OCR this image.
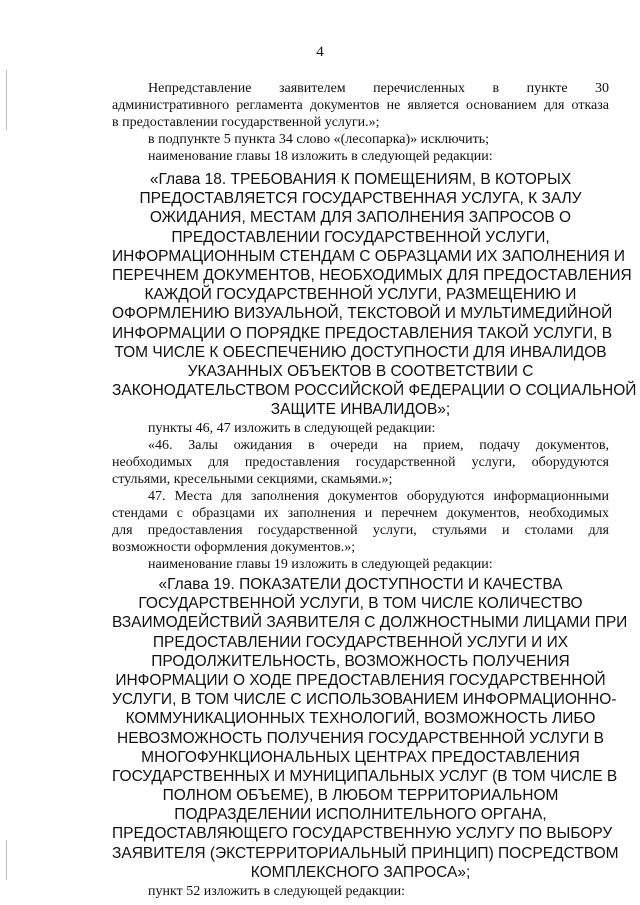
4
Непредставление заявителем перечисленных в пункте 30
административного регламента документов не является основанием для отказа
в предоставлении государственной услуги.»;
в подпункте 5 пункта 34 слово «(лесопарка)» исключить;
наименование главы 18 изложить в следующей редакции:
«Глава 18. ТРЕБОВАНИЯ К ПОМЕЩЕНИЯМ, В КОТОРЫХ
ПРЕДОСТАВЛЯЕТСЯ ГОСУДАРСТВЕННАЯ УСЛУГА, К ЗАЛУ
ОЖИДАНИЯ, МЕСТАМ ДЛЯ ЗАПОЛНЕНИЯ ЗАПРОСОВ О
ПРЕДОСТАВЛЕНИИ ГОСУДАРСТВЕННОЙ УСЛУГИ,
ИНФОРМАЦИОННЫМ СТЕНДАМ С ОБРАЗЦАМИ ИХ ЗАПОЛНЕНИЯ И
ПЕРЕЧНЕМ ДОКУМЕНТОВ, НЕОБХОДИМЫХ ДЛЯ ПРЕДОСТАВЛЕНИЯ
КАЖДОЙ ГОСУДАРСТВЕННОЙ УСЛУГИ, РАЗМЕЩЕНИЮ И
ОФОРМЛЕНИЮ ВИЗУАЛЬНОЙ, ТЕКСТОВОЙ И МУЛЬТИМЕДИЙНОЙ
ИНФОРМАЦИИ О ПОРЯДКЕ ПРЕДОСТАВЛЕНИЯ ТАКОЙ УСЛУГИ, В
ТОМ ЧИСЛЕ К ОБЕСПЕЧЕНИЮ ДОСТУПНОСТИ ДЛЯ ИНВАЛИДОВ
УКАЗАННЫХ ОБЪЕКТОВ В СООТВЕТСТВИИ С
ЗАКОНОДАТЕЛЬСТВОМ РОССИЙСКОЙ ФЕДЕРАЦИИ О СОЦИАЛЬНОЙ
ЗАЩИТЕ ИНВАЛИДОВ»;
пункты 46, 47 изложить в следующей редакции:
«46. Залы ожидания в очереди на прием, подачу документов,
необходимых для предоставления государственной услуги, оборудуются
стульями, кресельными секциями, скамьями.»;
47. Места для заполнения документов оборудуются информационными
стендами с образцами их заполнения и перечнем документов, необходимых
для предоставления государственной услуги, стульями и столами для
возможности оформления документов.»;
наименование главы 19 изложить в следующей редакции:
«Глава 19. ПОКАЗАТЕЛИ ДОСТУПНОСТИ И КАЧЕСТВА
ГОСУДАРСТВЕННОЙ УСЛУГИ, В ТОМ ЧИСЛЕ КОЛИЧЕСТВО
ВЗАИМОДЕЙСТВИЙ ЗАЯВИТЕЛЯ С ДОЛЖНОСТНЫМИ ЛИЦАМИ ПРИ
ПРЕДОСТАВЛЕНИИ ГОСУДАРСТВЕННОЙ УСЛУГИ И ИХ
ПРОДОЛЖИТЕЛЬНОСТЬ, ВОЗМОЖНОСТЬ ПОЛУЧЕНИЯ
ИНФОРМАЦИИ О ХОДЕ ПРЕДОСТАВЛЕНИЯ ГОСУДАРСТВЕННОЙ
УСЛУГИ, В ТОМ ЧИСЛЕ С ИСПОЛЬЗОВАНИЕМ ИНФОРМАЦИОННО-
КОММУНИКАЦИОННЫХ ТЕХНОЛОГИЙ, ВОЗМОЖНОСТЬ ЛИБО
НЕВОЗМОЖНОСТЬ ПОЛУЧЕНИЯ ГОСУДАРСТВЕННОЙ УСЛУГИ В
МНОГОФУНКЦИОНАЛЬНЫХ ЦЕНТРАХ ПРЕДОСТАВЛЕНИЯ
ГОСУДАРСТВЕННЫХ И МУНИЦИПАЛЬНЫХ УСЛУГ (В ТОМ ЧИСЛЕ В
ПОЛНОМ ОБЪЕМЕ), В ЛЮБОМ ТЕРРИТОРИАЛЬНОМ
ПОДРАЗДЕЛЕНИИ ИСПОЛНИТЕЛЬНОГО ОРГАНА,
ПРЕДОСТАВЛЯЮЩЕГО ГОСУДАРСТВЕННУЮ УСЛУГУ ПО ВЫБОРУ
ЗАЯВИТЕЛЯ (ЭКСТЕРРИТОРИАЛЬНЫЙ ПРИНЦИП) ПОСРЕДСТВОМ
КОМПЛЕКСНОГО ЗАПРОСА»;
пункт 52 изложить в следующей редакции:
